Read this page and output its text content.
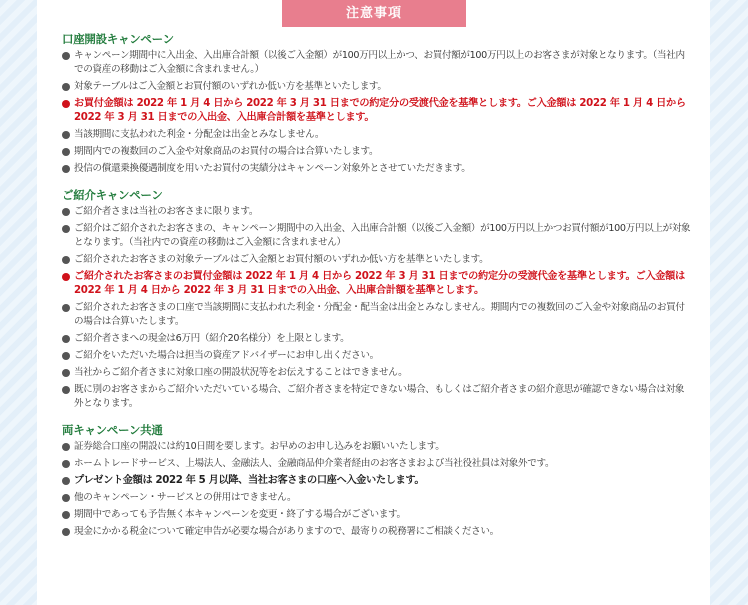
注意事項
口座開設キャンペーン
キャンペーン期間中に入出金、入出庫合計額（以後ご入金額）が100万円以上かつ、お買付額が100万円以上のお客さまが対象となります。（当社内での資産の移動はご入金額に含まれません。）
対象テーブルはご入金額とお買付額のいずれか低い方を基準といたします。
お買付金額は 2022 年 1 月 4 日から 2022 年 3 月 31 日までの約定分の受渡代金を基準とします。ご入金額は 2022 年 1 月 4 日から 2022 年 3 月 31 日までの入出金、入出庫合計額を基準とします。
当該期間に支払われた利金・分配金は出金とみなしません。
期間内での複数回のご入金や対象商品のお買付の場合は合算いたします。
投信の償還乗換優遇制度を用いたお買付の実績分はキャンペーン対象外とさせていただきます。
ご紹介キャンペーン
ご紹介者さまは当社のお客さまに限ります。
ご紹介はご紹介されたお客さまの、キャンペーン期間中の入出金、入出庫合計額（以後ご入金額）が100万円以上かつお買付額が100万円以上が対象となります。（当社内での資産の移動はご入金額に含まれません）
ご紹介されたお客さまの対象テーブルはご入金額とお買付額のいずれか低い方を基準といたします。
ご紹介されたお客さまのお買付金額は 2022 年 1 月 4 日から 2022 年 3 月 31 日までの約定分の受渡代金を基準とします。ご入金額は 2022 年 1 月 4 日から 2022 年 3 月 31 日までの入出金、入出庫合計額を基準とします。
ご紹介されたお客さまの口座で当該期間に支払われた利金・分配金・配当金は出金とみなしません。期間内での複数回のご入金や対象商品のお買付の場合は合算いたします。
ご紹介者さまへの現金は6万円（紹介20名様分）を上限とします。
ご紹介をいただいた場合は担当の資産アドバイザーにお申し出ください。
当社からご紹介者さまに対象口座の開設状況等をお伝えすることはできません。
既に別のお客さまからご紹介いただいている場合、ご紹介者さまを特定できない場合、もしくはご紹介者さまの紹介意思が確認できない場合は対象外となります。
両キャンペーン共通
証券総合口座の開設には約10日間を要します。お早めのお申し込みをお願いいたします。
ホームトレードサービス、上場法人、金融法人、金融商品仲介業者経由のお客さまおよび当社役社員は対象外です。
プレゼント金額は 2022 年 5 月以降、当社お客さまの口座へ入金いたします。
他のキャンペーン・サービスとの併用はできません。
期間中であっても予告無く本キャンペーンを変更・終了する場合がございます。
現金にかかる税金について確定申告が必要な場合がありますので、最寄りの税務署にご相談ください。
